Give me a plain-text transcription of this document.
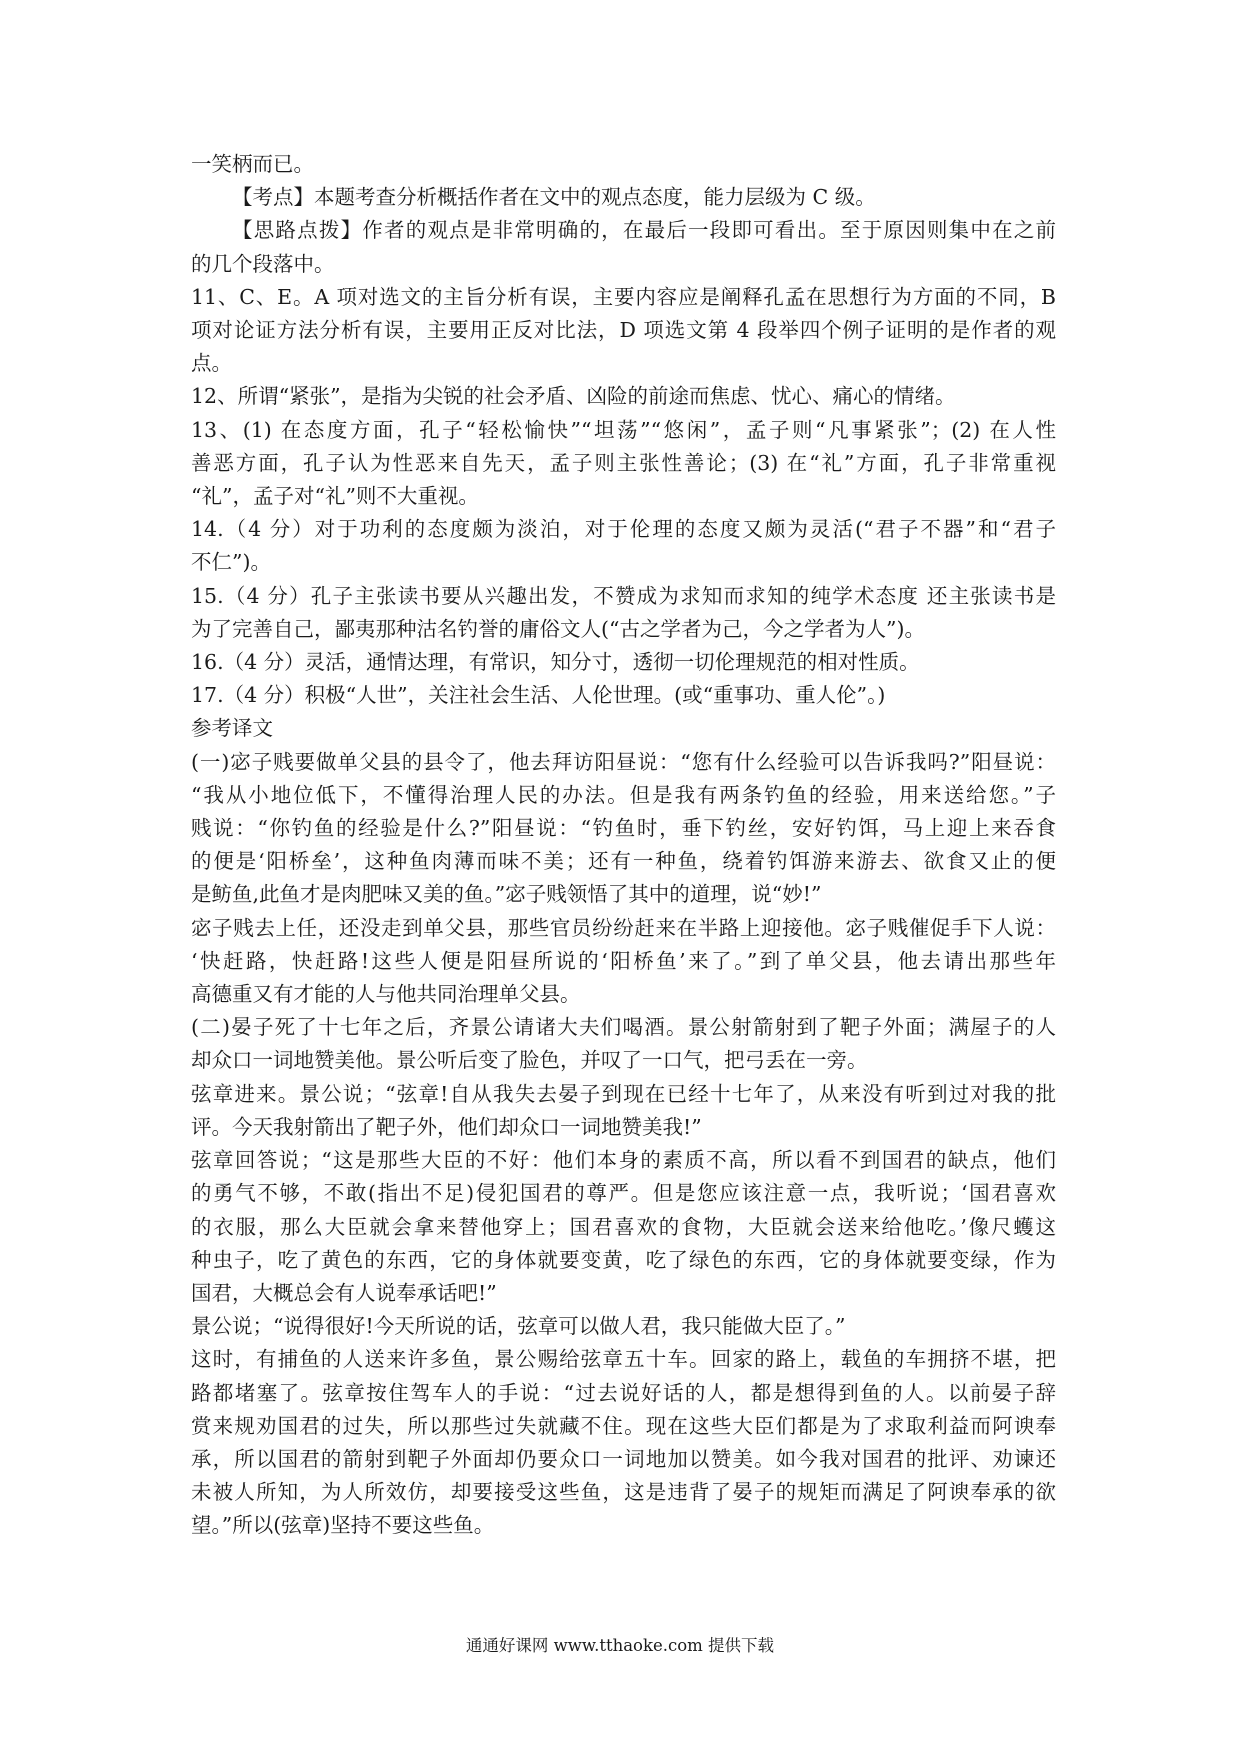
一笑柄而已。
【考点】本题考查分析概括作者在文中的观点态度，能力层级为 C 级。
【思路点拨】作者的观点是非常明确的，在最后一段即可看出。至于原因则集中在之前
的几个段落中。
11、C、E。A 项对选文的主旨分析有误，主要内容应是阐释孔孟在思想行为方面的不同，B
项对论证方法分析有误，主要用正反对比法，D 项选文第 4 段举四个例子证明的是作者的观
点。
12、所谓“紧张”，是指为尖锐的社会矛盾、凶险的前途而焦虑、忧心、痛心的情绪。
13、(1) 在态度方面，孔子“轻松愉快”“坦荡”“悠闲”，孟子则“凡事紧张”；(2) 在人性
善恶方面，孔子认为性恶来自先天，孟子则主张性善论；(3) 在“礼”方面，孔子非常重视
“礼”，孟子对“礼”则不大重视。
14.（4 分）对于功利的态度颇为淡泊，对于伦理的态度又颇为灵活(“君子不器”和“君子
不仁”)。
15.（4 分）孔子主张读书要从兴趣出发，不赞成为求知而求知的纯学术态度 还主张读书是
为了完善自己，鄙夷那种沽名钓誉的庸俗文人(“古之学者为己，今之学者为人”)。
16.（4 分）灵活，通情达理，有常识，知分寸，透彻一切伦理规范的相对性质。
17.（4 分）积极“人世”，关注社会生活、人伦世理。(或“重事功、重人伦”。)
参考译文
(一)宓子贱要做单父县的县令了，他去拜访阳昼说：“您有什么经验可以告诉我吗?”阳昼说：
“我从小地位低下，不懂得治理人民的办法。但是我有两条钓鱼的经验，用来送给您。”子
贱说：“你钓鱼的经验是什么?”阳昼说：“钓鱼时，垂下钓丝，安好钓饵，马上迎上来吞食
的便是‘阳桥垒’，这种鱼肉薄而味不美；还有一种鱼，绕着钓饵游来游去、欲食又止的便
是鲂鱼,此鱼才是肉肥味又美的鱼。”宓子贱领悟了其中的道理，说“妙!”
宓子贱去上任，还没走到单父县，那些官员纷纷赶来在半路上迎接他。宓子贱催促手下人说：
‘快赶路，快赶路!这些人便是阳昼所说的‘阳桥鱼’来了。”到了单父县，他去请出那些年
高德重又有才能的人与他共同治理单父县。
(二)晏子死了十七年之后，齐景公请诸大夫们喝酒。景公射箭射到了靶子外面；满屋子的人
却众口一词地赞美他。景公听后变了脸色，并叹了一口气，把弓丢在一旁。
弦章进来。景公说；“弦章!自从我失去晏子到现在已经十七年了，从来没有听到过对我的批
评。今天我射箭出了靶子外，他们却众口一词地赞美我!”
弦章回答说；“这是那些大臣的不好：他们本身的素质不高，所以看不到国君的缺点，他们
的勇气不够，不敢(指出不足)侵犯国君的尊严。但是您应该注意一点，我听说；‘国君喜欢
的衣服，那么大臣就会拿来替他穿上；国君喜欢的食物，大臣就会送来给他吃。’像尺蠖这
种虫子，吃了黄色的东西，它的身体就要变黄，吃了绿色的东西，它的身体就要变绿，作为
国君，大概总会有人说奉承话吧!”
景公说；“说得很好!今天所说的话，弦章可以做人君，我只能做大臣了。”
这时，有捕鱼的人送来许多鱼，景公赐给弦章五十车。回家的路上，载鱼的车拥挤不堪，把
路都堵塞了。弦章按住驾车人的手说：“过去说好话的人，都是想得到鱼的人。以前晏子辞
赏来规劝国君的过失，所以那些过失就藏不住。现在这些大臣们都是为了求取利益而阿谀奉
承，所以国君的箭射到靶子外面却仍要众口一词地加以赞美。如今我对国君的批评、劝谏还
未被人所知，为人所效仿，却要接受这些鱼，这是违背了晏子的规矩而满足了阿谀奉承的欲
望。”所以(弦章)坚持不要这些鱼。
通通好课网 www.tthaoke.com 提供下载
